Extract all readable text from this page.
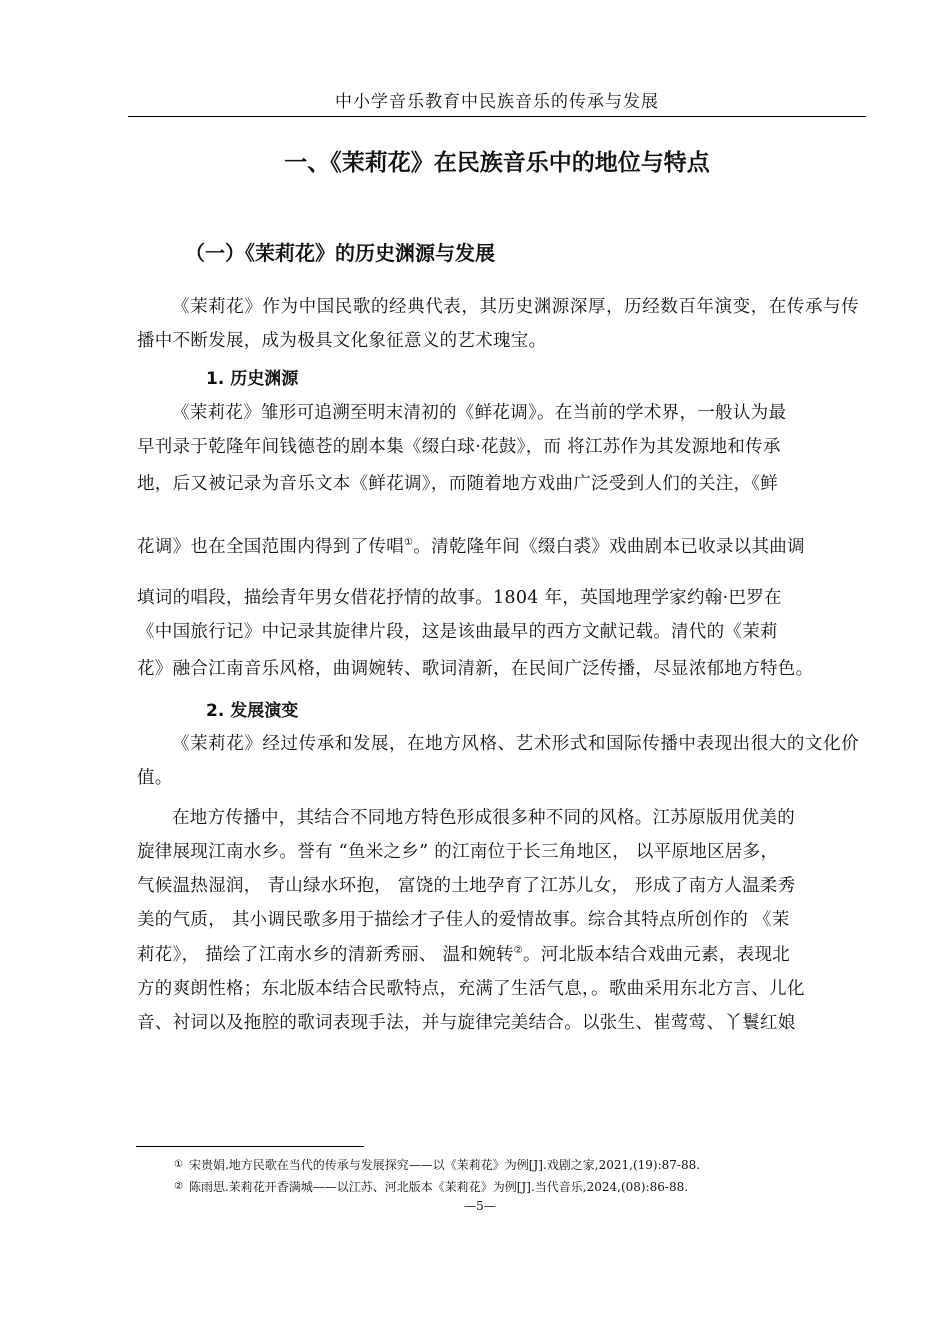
中小学音乐教育中民族音乐的传承与发展
一、《茉莉花》在民族音乐中的地位与特点
（一）《茉莉花》的历史渊源与发展

《茉莉花》作为中国民歌的经典代表，其历史渊源深厚，历经数百年演变，在传承与传播中不断发展，成为极具文化象征意义的艺术瑰宝。

1. 历史渊源

《茉莉花》雏形可追溯至明末清初的《鲜花调》。在当前的学术界，一般认为最
早刊录于乾隆年间钱德苍的剧本集《缀白球·花鼓》，而 将江苏作为其发源地和传承
地，后又被记录为音乐文本《鲜花调》，而随着地方戏曲广泛受到人们的关注，《鲜
花调》也在全国范围内得到了传唱①。清乾隆年间《缀白裘》戏曲剧本已收录以其曲调
填词的唱段，描绘青年男女借花抒情的故事。1804 年，英国地理学家约翰·巴罗在
《中国旅行记》中记录其旋律片段，这是该曲最早的西方文献记载。清代的《茉莉
花》融合江南音乐风格，曲调婉转、歌词清新，在民间广泛传播，尽显浓郁地方特色。

2. 发展演变

《茉莉花》经过传承和发展，在地方风格、艺术形式和国际传播中表现出很大的文化价值。

在地方传播中，其结合不同地方特色形成很多种不同的风格。江苏原版用优美的
旋律展现江南水乡。誉有 “鱼米之乡” 的江南位于长三角地区， 以平原地区居多，
气候温热湿润， 青山绿水环抱， 富饶的土地孕育了江苏儿女， 形成了南方人温柔秀
美的气质， 其小调民歌多用于描绘才子佳人的爱情故事。综合其特点所创作的 《茉
莉花》， 描绘了江南水乡的清新秀丽、 温和婉转②。河北版本结合戏曲元素，表现北
方的爽朗性格；东北版本结合民歌特点，充满了生活气息，。歌曲采用东北方言、儿化
音、衬词以及拖腔的歌词表现手法，并与旋律完美结合。以张生、崔莺莺、丫鬟红娘

① 宋贵娟.地方民歌在当代的传承与发展探究——以《茉莉花》为例[J].戏剧之家,2021,(19):87-88.
② 陈雨思.茉莉花开香满城——以江苏、河北版本《茉莉花》为例[J].当代音乐,2024,(08):86-88.
—5—
